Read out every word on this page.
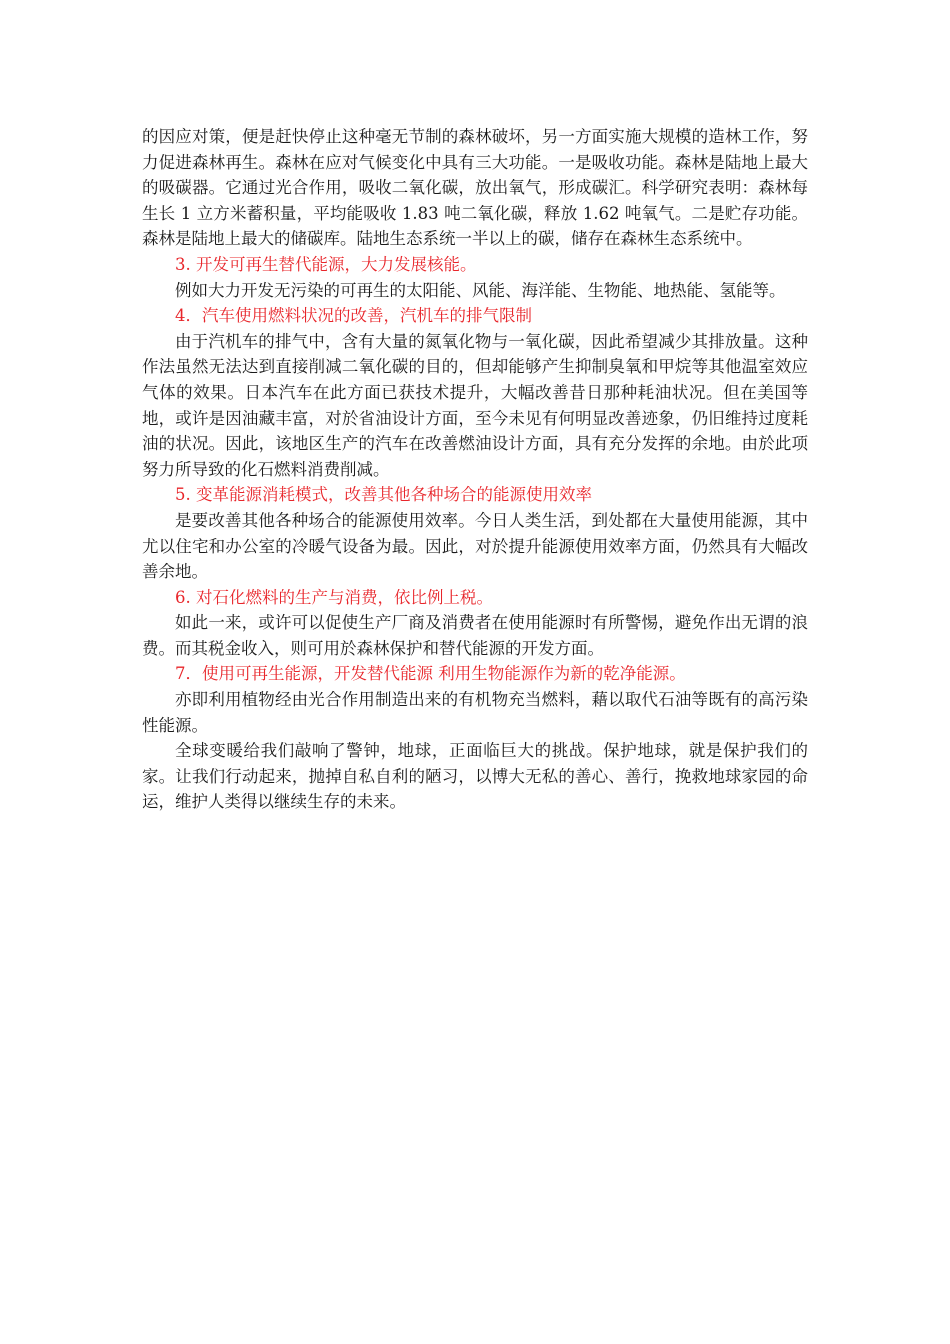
的因应对策，便是赶快停止这种毫无节制的森林破坏，另一方面实施大规模的造林工作，努力促进森林再生。森林在应对气候变化中具有三大功能。一是吸收功能。森林是陆地上最大的吸碳器。它通过光合作用，吸收二氧化碳，放出氧气，形成碳汇。科学研究表明：森林每生长 1 立方米蓄积量，平均能吸收 1.83 吨二氧化碳，释放 1.62 吨氧气。二是贮存功能。森林是陆地上最大的储碳库。陆地生态系统一半以上的碳，储存在森林生态系统中。

3. 开发可再生替代能源，大力发展核能。

例如大力开发无污染的可再生的太阳能、风能、海洋能、生物能、地热能、氢能等。

4．汽车使用燃料状况的改善，汽机车的排气限制

由于汽机车的排气中，含有大量的氮氧化物与一氧化碳，因此希望减少其排放量。这种作法虽然无法达到直接削减二氧化碳的目的，但却能够产生抑制臭氧和甲烷等其他温室效应气体的效果。日本汽车在此方面已获技术提升，大幅改善昔日那种耗油状况。但在美国等地，或许是因油藏丰富，对於省油设计方面，至今未见有何明显改善迹象，仍旧维持过度耗油的状况。因此，该地区生产的汽车在改善燃油设计方面，具有充分发挥的余地。由於此项努力所导致的化石燃料消费削减。

5. 变革能源消耗模式，改善其他各种场合的能源使用效率

是要改善其他各种场合的能源使用效率。今日人类生活，到处都在大量使用能源，其中尤以住宅和办公室的冷暖气设备为最。因此，对於提升能源使用效率方面，仍然具有大幅改善余地。

6. 对石化燃料的生产与消费，依比例上税。

如此一来，或许可以促使生产厂商及消费者在使用能源时有所警惕，避免作出无谓的浪费。而其税金收入，则可用於森林保护和替代能源的开发方面。

7．使用可再生能源，开发替代能源 利用生物能源作为新的乾净能源。

亦即利用植物经由光合作用制造出来的有机物充当燃料，藉以取代石油等既有的高污染性能源。

全球变暖给我们敲响了警钟，地球，正面临巨大的挑战。保护地球，就是保护我们的家。让我们行动起来，抛掉自私自利的陋习，以博大无私的善心、善行，挽救地球家园的命运，维护人类得以继续生存的未来。
